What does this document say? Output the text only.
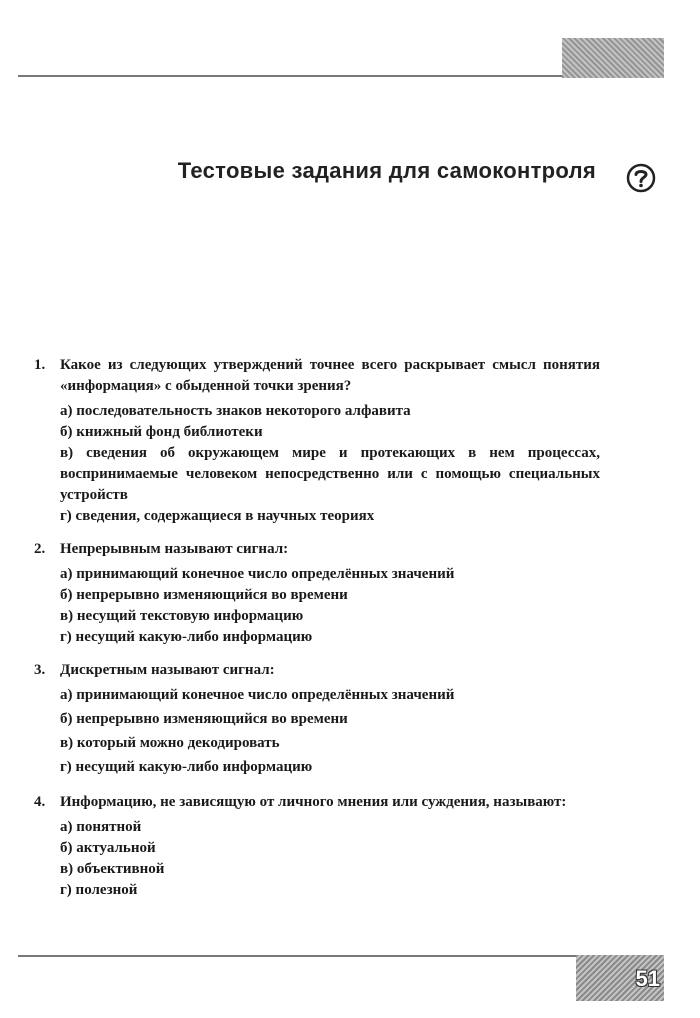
Тестовые задания для самоконтроля
1. Какое из следующих утверждений точнее всего раскрывает смысл понятия «информация» с обыденной точки зрения?
а) последовательность знаков некоторого алфавита
б) книжный фонд библиотеки
в) сведения об окружающем мире и протекающих в нем процессах, воспринимаемые человеком непосредственно или с помощью специальных устройств
г) сведения, содержащиеся в научных теориях
2. Непрерывным называют сигнал:
а) принимающий конечное число определённых значений
б) непрерывно изменяющийся во времени
в) несущий текстовую информацию
г) несущий какую-либо информацию
3. Дискретным называют сигнал:
а) принимающий конечное число определённых значений
б) непрерывно изменяющийся во времени
в) который можно декодировать
г) несущий какую-либо информацию
4. Информацию, не зависящую от личного мнения или суждения, называют:
а) понятной
б) актуальной
в) объективной
г) полезной
51
